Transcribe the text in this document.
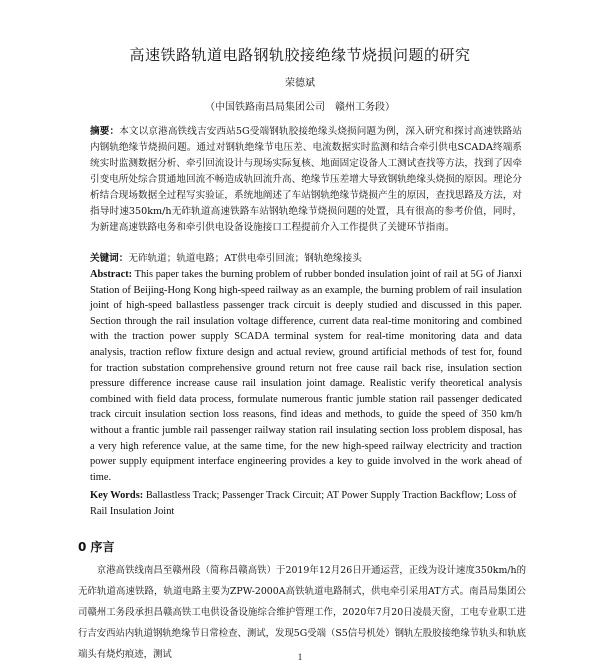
高速铁路轨道电路钢轨胶接绝缘节烧损问题的研究
荣德斌
（中国铁路南昌局集团公司　赣州工务段）
摘要：本文以京港高铁线吉安西站5G受端钢轨胶接绝缘头烧损问题为例，深入研究和探讨高速铁路站内钢轨绝缘节烧损问题。通过对钢轨绝缘节电压差、电流数据实时监测和结合牵引供电SCADA终端系统实时监测数据分析、牵引回流设计与现场实际复核、地面固定设备人工测试查找等方法，找到了因牵引变电所处综合贯通地回流不畅造成轨回流升高、绝缘节压差增大导致钢轨绝缘头烧损的原因。理论分析结合现场数据全过程写实验证，系统地阐述了车站钢轨绝缘节烧损产生的原因，查找思路及方法，对指导时速350km/h无砟轨道高速铁路车站钢轨绝缘节烧损问题的处置，具有很高的参考价值，同时，为新建高速铁路电务和牵引供电设备设施接口工程提前介入工作提供了关键环节指南。
关键词：无砟轨道；轨道电路；AT供电牵引回流；钢轨绝缘接头
Abstract: This paper takes the burning problem of rubber bonded insulation joint of rail at 5G of Jianxi Station of Beijing-Hong Kong high-speed railway as an example, the burning problem of rail insulation joint of high-speed ballastless passenger track circuit is deeply studied and discussed in this paper. Section through the rail insulation voltage difference, current data real-time monitoring and combined with the traction power supply SCADA terminal system for real-time monitoring data and data analysis, traction reflow fixture design and actual review, ground artificial methods of test for, found for traction substation comprehensive ground return not free cause rail back rise, insulation section pressure difference increase cause rail insulation joint damage. Realistic verify theoretical analysis combined with field data process, formulate numerous frantic jumble station rail passenger dedicated track circuit insulation section loss reasons, find ideas and methods, to guide the speed of 350 km/h without a frantic jumble rail passenger railway station rail insulating section loss problem disposal, has a very high reference value, at the same time, for the new high-speed railway electricity and traction power supply equipment interface engineering provides a key to guide involved in the work ahead of time.
Key Words: Ballastless Track; Passenger Track Circuit; AT Power Supply Traction Backflow; Loss of Rail Insulation Joint
0 序言
京港高铁线南昌至赣州段（简称昌赣高铁）于2019年12月26日开通运营，正线为设计速度350km/h的无砟轨道高速铁路，轨道电路主要为ZPW-2000A高铁轨道电路制式，供电牵引采用AT方式。南昌局集团公司赣州工务段承担昌赣高铁工电供设备设施综合维护管理工作，2020年7月20日凌晨天窗，工电专业职工进行吉安西站内轨道钢轨绝缘节日常检查、测试，发现5G受端（S5信号机处）钢轨左股胶接绝缘节轨头和轨底端头有烧灼痕迹，测试	1
